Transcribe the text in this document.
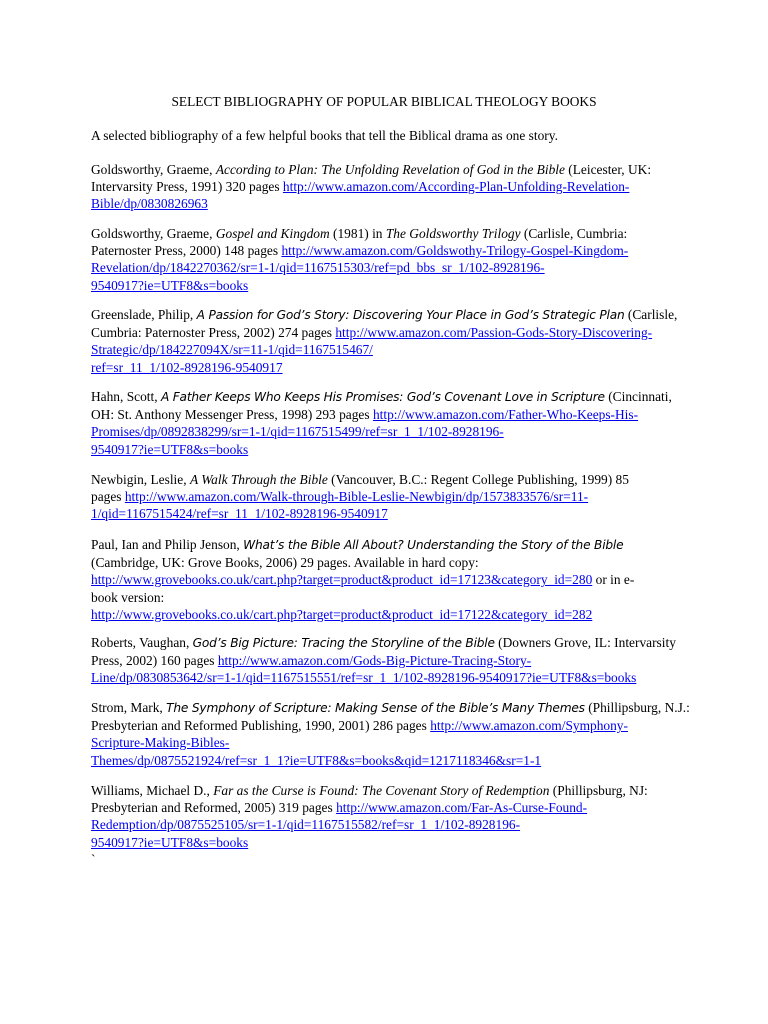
SELECT BIBLIOGRAPHY OF POPULAR BIBLICAL THEOLOGY BOOKS
A selected bibliography of a few helpful books that tell the Biblical drama as one story.
Goldsworthy, Graeme, According to Plan: The Unfolding Revelation of God in the Bible (Leicester, UK:
Intervarsity Press, 1991) 320 pages http://www.amazon.com/According-Plan-Unfolding-Revelation-
Bible/dp/0830826963
Goldsworthy, Graeme, Gospel and Kingdom (1981) in The Goldsworthy Trilogy (Carlisle, Cumbria:
Paternoster Press, 2000) 148 pages http://www.amazon.com/Goldswothy-Trilogy-Gospel-Kingdom-
Revelation/dp/1842270362/sr=1-1/qid=1167515303/ref=pd_bbs_sr_1/102-8928196-
9540917?ie=UTF8&s=books
Greenslade, Philip, A Passion for God’s Story: Discovering Your Place in God’s Strategic Plan (Carlisle,
Cumbria: Paternoster Press, 2002) 274 pages http://www.amazon.com/Passion-Gods-Story-Discovering-
Strategic/dp/184227094X/sr=11-1/qid=1167515467/
ref=sr_11_1/102-8928196-9540917
Hahn, Scott, A Father Keeps Who Keeps His Promises: God’s Covenant Love in Scripture (Cincinnati,
OH: St. Anthony Messenger Press, 1998) 293 pages http://www.amazon.com/Father-Who-Keeps-His-
Promises/dp/0892838299/sr=1-1/qid=1167515499/ref=sr_1_1/102-8928196-
9540917?ie=UTF8&s=books
Newbigin, Leslie, A Walk Through the Bible (Vancouver, B.C.: Regent College Publishing, 1999) 85
pages http://www.amazon.com/Walk-through-Bible-Leslie-Newbigin/dp/1573833576/sr=11-
1/qid=1167515424/ref=sr_11_1/102-8928196-9540917
Paul, Ian and Philip Jenson, What’s the Bible All About? Understanding the Story of the Bible
(Cambridge, UK: Grove Books, 2006) 29 pages. Available in hard copy:
http://www.grovebooks.co.uk/cart.php?target=product&product_id=17123&category_id=280 or in e-
book version:
http://www.grovebooks.co.uk/cart.php?target=product&product_id=17122&category_id=282
Roberts, Vaughan, God’s Big Picture: Tracing the Storyline of the Bible (Downers Grove, IL: Intervarsity
Press, 2002) 160 pages http://www.amazon.com/Gods-Big-Picture-Tracing-Story-
Line/dp/0830853642/sr=1-1/qid=1167515551/ref=sr_1_1/102-8928196-9540917?ie=UTF8&s=books
Strom, Mark, The Symphony of Scripture: Making Sense of the Bible’s Many Themes (Phillipsburg, N.J.:
Presbyterian and Reformed Publishing, 1990, 2001) 286 pages http://www.amazon.com/Symphony-
Scripture-Making-Bibles-
Themes/dp/0875521924/ref=sr_1_1?ie=UTF8&s=books&qid=1217118346&sr=1-1
Williams, Michael D., Far as the Curse is Found: The Covenant Story of Redemption (Phillipsburg, NJ:
Presbyterian and Reformed, 2005) 319 pages http://www.amazon.com/Far-As-Curse-Found-
Redemption/dp/0875525105/sr=1-1/qid=1167515582/ref=sr_1_1/102-8928196-
9540917?ie=UTF8&s=books
`
